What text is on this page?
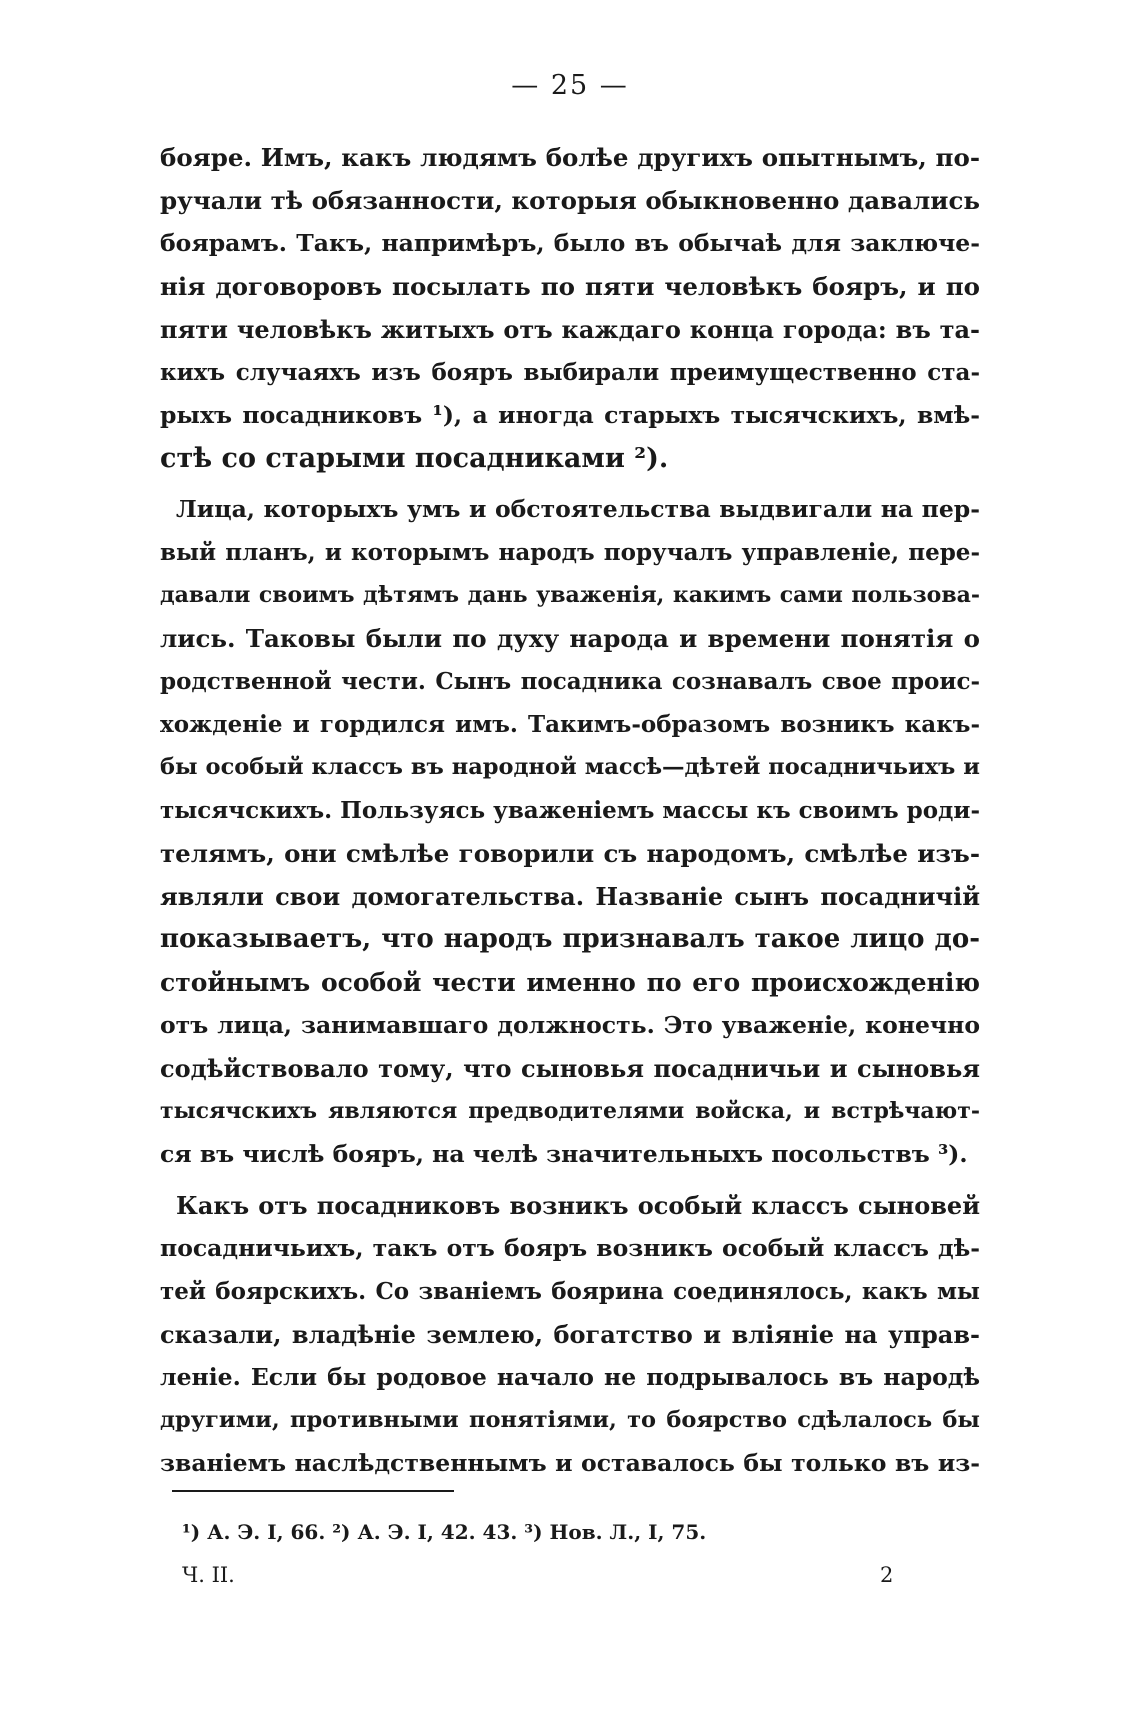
— 25 —
бояре. Имъ, какъ людямъ болѣе другихъ опытнымъ, по-
ручали тѣ обязанности, которыя обыкновенно давались
боярамъ. Такъ, напримѣръ, было въ обычаѣ для заключе-
нія договоровъ посылать по пяти человѣкъ бояръ, и по
пяти человѣкъ житыхъ отъ каждаго конца города: въ та-
кихъ случаяхъ изъ бояръ выбирали преимущественно ста-
рыхъ посадниковъ ¹), а иногда старыхъ тысячскихъ, вмѣ-
стѣ со старыми посадниками ²).
Лица, которыхъ умъ и обстоятельства выдвигали на пер-
вый планъ, и которымъ народъ поручалъ управленіе, пере-
давали своимъ дѣтямъ дань уваженія, какимъ сами пользова-
лись. Таковы были по духу народа и времени понятія о
родственной чести. Сынъ посадника сознавалъ свое проис-
хожденіе и гордился имъ. Такимъ-образомъ возникъ какъ-
бы особый классъ въ народной массѣ—дѣтей посадничьихъ и
тысячскихъ. Пользуясь уваженіемъ массы къ своимъ роди-
телямъ, они смѣлѣе говорили съ народомъ, смѣлѣе изъ-
являли свои домогательства. Названіе сынъ посадничій
показываетъ, что народъ признавалъ такое лицо до-
стойнымъ особой чести именно по его происхожденію
отъ лица, занимавшаго должность. Это уваженіе, конечно
содѣйствовало тому, что сыновья посадничьи и сыновья
тысячскихъ являются предводителями войска, и встрѣчают-
ся въ числѣ бояръ, на челѣ значительныхъ посольствъ ³).
Какъ отъ посадниковъ возникъ особый классъ сыновей
посадничьихъ, такъ отъ бояръ возникъ особый классъ дѣ-
тей боярскихъ. Со званіемъ боярина соединялось, какъ мы
сказали, владѣніе землею, богатство и вліяніе на управ-
леніе. Если бы родовое начало не подрывалось въ народѣ
другими, противными понятіями, то боярство сдѣлалось бы
званіемъ наслѣдственнымъ и оставалось бы только въ из-
¹) А. Э. I, 66. ²) А. Э. I, 42. 43. ³) Нов. Л., I, 75.
Ч. II.	2
